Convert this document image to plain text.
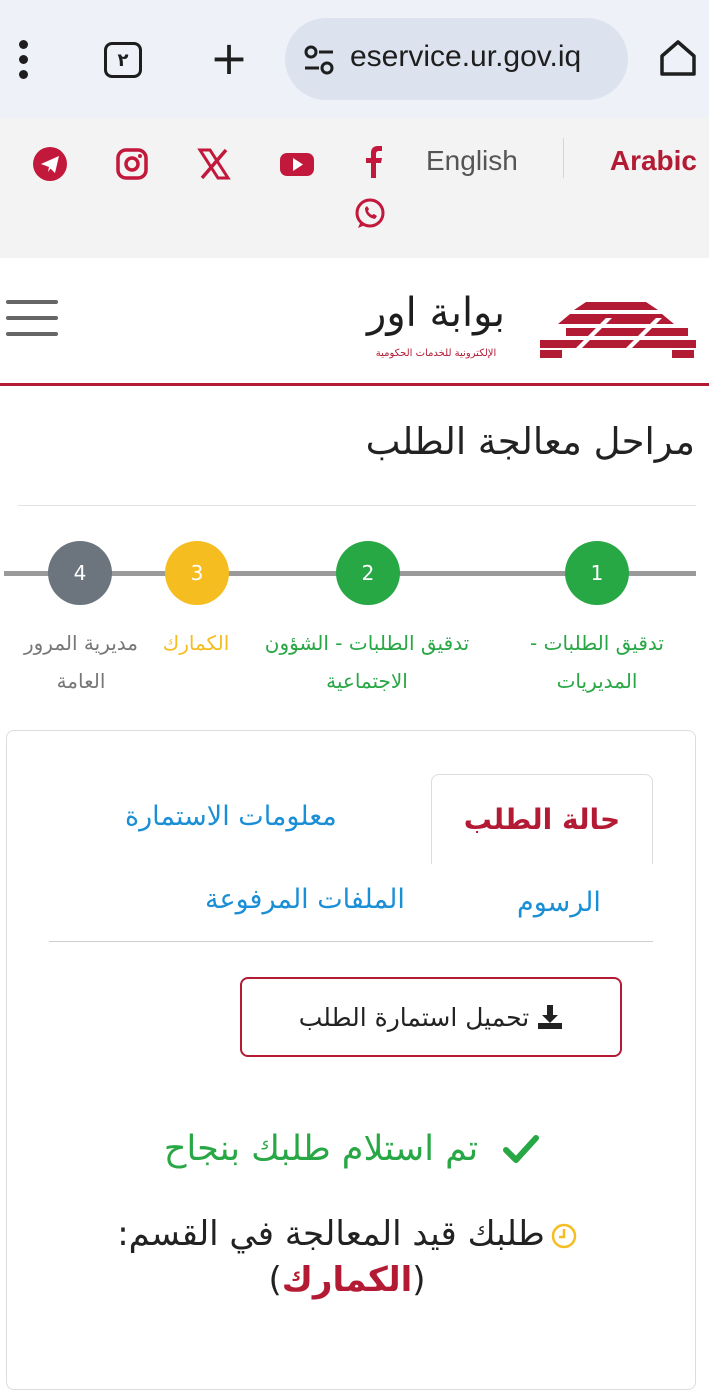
٢ +	eservice.ur.gov.iq
Arabic
English
بوابة اور
الإلكترونية للخدمات الحكومية
مراحل معالجة الطلب
1
2
3
4
تدقيق الطلبات -
المديريات
تدقيق الطلبات - الشؤون
الاجتماعية
الكمارك
مديرية المرور
العامة
حالة الطلب
معلومات الاستمارة
الرسوم
الملفات المرفوعة
تحميل استمارة الطلب
تم استلام طلبك بنجاح
طلبك قيد المعالجة في القسم: (الكمارك)
